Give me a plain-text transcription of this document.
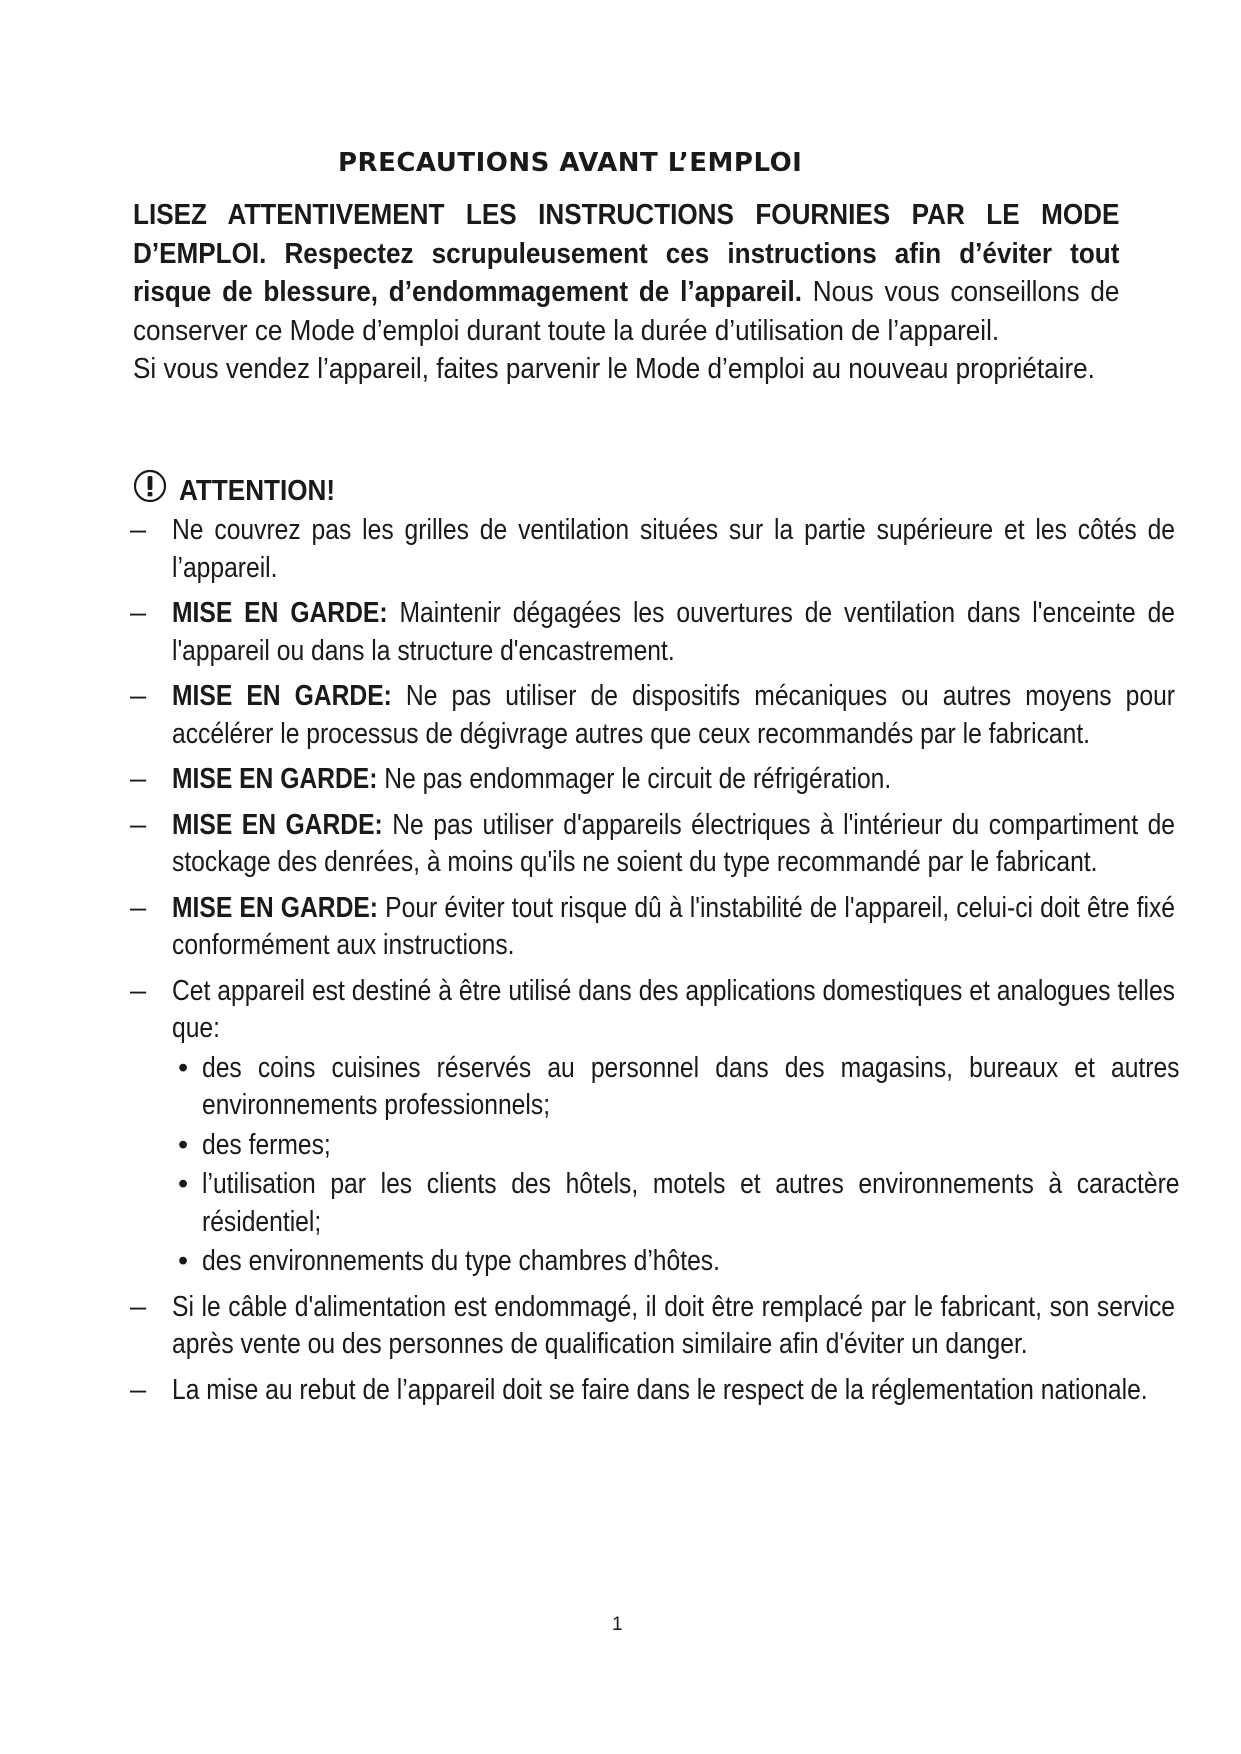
PRECAUTIONS AVANT L’EMPLOI

LISEZ ATTENTIVEMENT LES INSTRUCTIONS FOURNIES PAR LE MODE D’EMPLOI. Respectez scrupuleusement ces instructions afin d’éviter tout risque de blessure, d’endommagement de l’appareil. Nous vous conseillons de conserver ce Mode d’emploi durant toute la durée d’utilisation de l’appareil.

Si vous vendez l’appareil, faites parvenir le Mode d’emploi au nouveau propriétaire.

ATTENTION!
– Ne couvrez pas les grilles de ventilation situées sur la partie supérieure et les côtés de l’appareil.
– MISE EN GARDE: Maintenir dégagées les ouvertures de ventilation dans l'enceinte de l'appareil ou dans la structure d'encastrement.
– MISE EN GARDE: Ne pas utiliser de dispositifs mécaniques ou autres moyens pour accélérer le processus de dégivrage autres que ceux recommandés par le fabricant.
– MISE EN GARDE: Ne pas endommager le circuit de réfrigération.
– MISE EN GARDE: Ne pas utiliser d'appareils électriques à l'intérieur du compartiment de stockage des denrées, à moins qu'ils ne soient du type recommandé par le fabricant.
– MISE EN GARDE: Pour éviter tout risque dû à l'instabilité de l'appareil, celui-ci doit être fixé conformément aux instructions.
– Cet appareil est destiné à être utilisé dans des applications domestiques et analogues telles que:
• des coins cuisines réservés au personnel dans des magasins, bureaux et autres environnements professionnels;
• des fermes;
• l’utilisation par les clients des hôtels, motels et autres environnements à caractère résidentiel;
• des environnements du type chambres d’hôtes.
– Si le câble d'alimentation est endommagé, il doit être remplacé par le fabricant, son service après vente ou des personnes de qualification similaire afin d'éviter un danger.
– La mise au rebut de l’appareil doit se faire dans le respect de la réglementation nationale.
1
